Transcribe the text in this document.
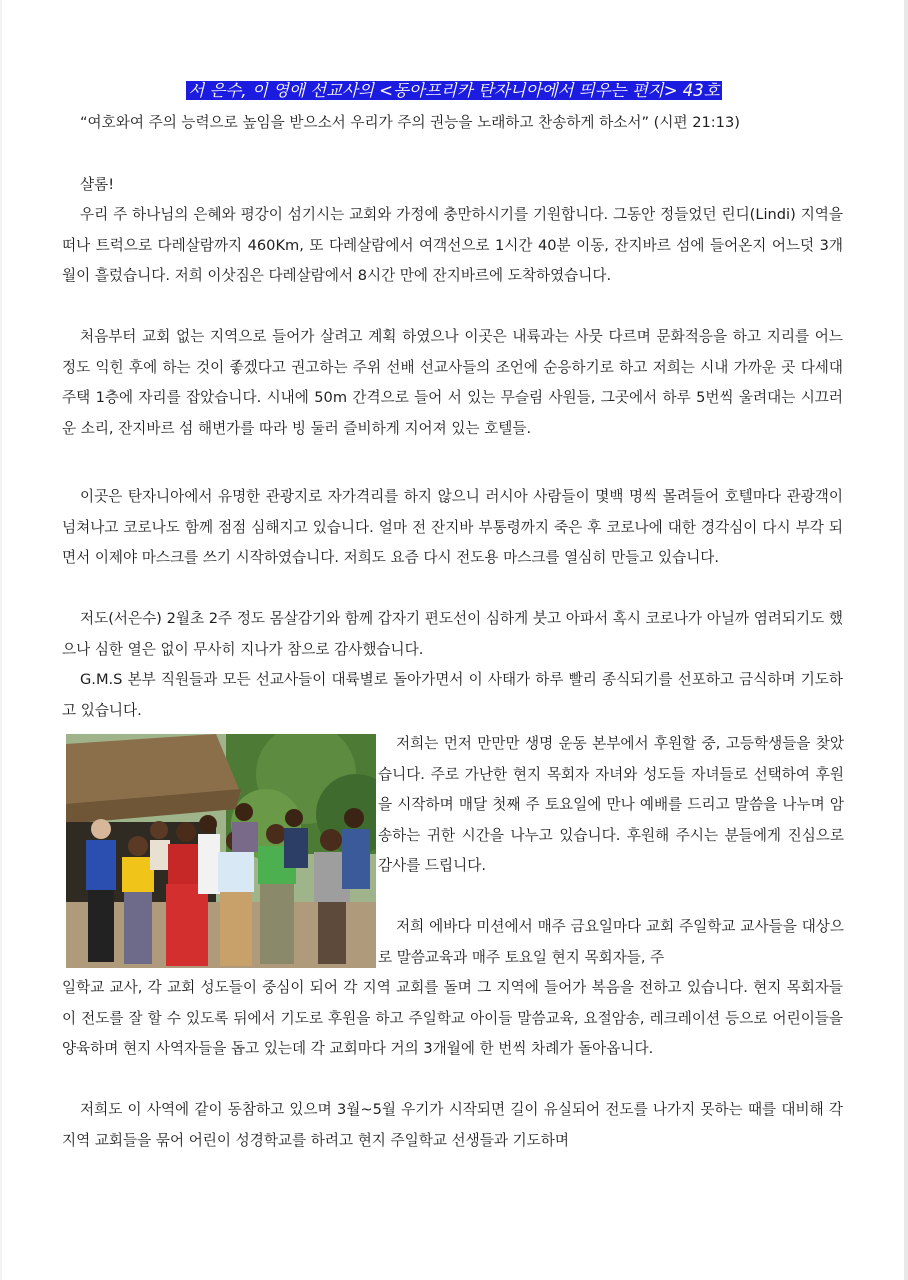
서 은수, 이 영애 선교사의 <동아프리카 탄자니아에서 띄우는 편지> 43호

“여호와여 주의 능력으로 높임을 받으소서 우리가 주의 권능을 노래하고 찬송하게 하소서” (시편 21:13)

샬롬!

우리 주 하나님의 은혜와 평강이 섬기시는 교회와 가정에 충만하시기를 기원합니다. 그동안 정들었던 린디(Lindi) 지역을 떠나 트럭으로 다레살람까지 460Km, 또 다레살람에서 여객선으로 1시간 40분 이동, 잔지바르 섬에 들어온지 어느덧 3개월이 흘렀습니다. 저희 이삿짐은 다레살람에서 8시간 만에 잔지바르에 도착하였습니다.

처음부터 교회 없는 지역으로 들어가 살려고 계획 하였으나 이곳은 내륙과는 사뭇 다르며 문화적응을 하고 지리를 어느 정도 익힌 후에 하는 것이 좋겠다고 권고하는 주위 선배 선교사들의 조언에 순응하기로 하고 저희는 시내 가까운 곳 다세대 주택 1층에 자리를 잡았습니다. 시내에 50m 간격으로 들어 서 있는 무슬림 사원들, 그곳에서 하루 5번씩 울려대는 시끄러운 소리, 잔지바르 섬 해변가를 따라 빙 둘러 즐비하게 지어져 있는 호텔들.

이곳은 탄자니아에서 유명한 관광지로 자가격리를 하지 않으니 러시아 사람들이 몇백 명씩 몰려들어 호텔마다 관광객이 넘쳐나고 코로나도 함께 점점 심해지고 있습니다. 얼마 전 잔지바 부통령까지 죽은 후 코로나에 대한 경각심이 다시 부각 되면서 이제야 마스크를 쓰기 시작하였습니다. 저희도 요즘 다시 전도용 마스크를 열심히 만들고 있습니다.

저도(서은수) 2월초 2주 정도 몸살감기와 함께 갑자기 편도선이 심하게 붓고 아파서 혹시 코로나가 아닐까 염려되기도 했으나 심한 열은 없이 무사히 지나가 참으로 감사했습니다.

G.M.S 본부 직원들과 모든 선교사들이 대륙별로 돌아가면서 이 사태가 하루 빨리 종식되기를 선포하고 금식하며 기도하고 있습니다.

저희는 먼저 만만만 생명 운동 본부에서 후원할 중, 고등학생들을 찾았습니다. 주로 가난한 현지 목회자 자녀와 성도들 자녀들로 선택하여 후원을 시작하며 매달 첫째 주 토요일에 만나 예배를 드리고 말씀을 나누며 암송하는 귀한 시간을 나누고 있습니다. 후원해 주시는 분들에게 진심으로 감사를 드립니다.

저희 에바다 미션에서 매주 금요일마다 교회 주일학교 교사들을 대상으로 말씀교육과 매주 토요일 현지 목회자들, 주

일학교 교사, 각 교회 성도들이 중심이 되어 각 지역 교회를 돌며 그 지역에 들어가 복음을 전하고 있습니다. 현지 목회자들이 전도를 잘 할 수 있도록 뒤에서 기도로 후원을 하고 주일학교 아이들 말씀교육, 요절암송, 레크레이션 등으로 어린이들을 양육하며 현지 사역자들을 돕고 있는데 각 교회마다 거의 3개월에 한 번씩 차례가 돌아옵니다.

저희도 이 사역에 같이 동참하고 있으며 3월~5월 우기가 시작되면 길이 유실되어 전도를 나가지 못하는 때를 대비해 각 지역 교회들을 묶어 어린이 성경학교를 하려고 현지 주일학교 선생들과 기도하며
